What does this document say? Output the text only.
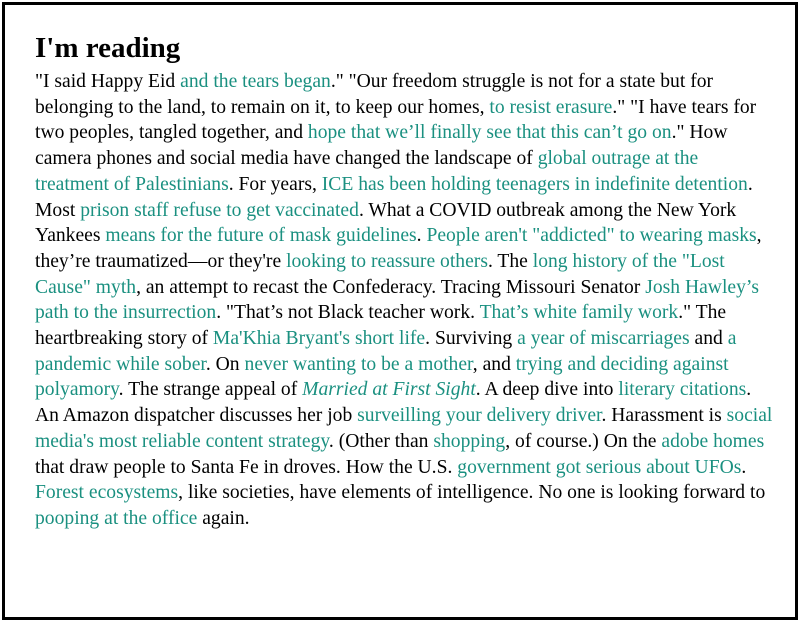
I'm reading

"I said Happy Eid and the tears began." "Our freedom struggle is not for a state but for belonging to the land, to remain on it, to keep our homes, to resist erasure." "I have tears for two peoples, tangled together, and hope that we’ll finally see that this can’t go on." How camera phones and social media have changed the landscape of global outrage at the treatment of Palestinians. For years, ICE has been holding teenagers in indefinite detention. Most prison staff refuse to get vaccinated. What a COVID outbreak among the New York Yankees means for the future of mask guidelines. People aren't "addicted" to wearing masks, they’re traumatized—or they're looking to reassure others. The long history of the "Lost Cause" myth, an attempt to recast the Confederacy. Tracing Missouri Senator Josh Hawley’s path to the insurrection. "That’s not Black teacher work. That’s white family work." The heartbreaking story of Ma'Khia Bryant's short life. Surviving a year of miscarriages and a pandemic while sober. On never wanting to be a mother, and trying and deciding against polyamory. The strange appeal of Married at First Sight. A deep dive into literary citations. An Amazon dispatcher discusses her job surveilling your delivery driver. Harassment is social media's most reliable content strategy. (Other than shopping, of course.) On the adobe homes that draw people to Santa Fe in droves. How the U.S. government got serious about UFOs. Forest ecosystems, like societies, have elements of intelligence. No one is looking forward to pooping at the office again.
